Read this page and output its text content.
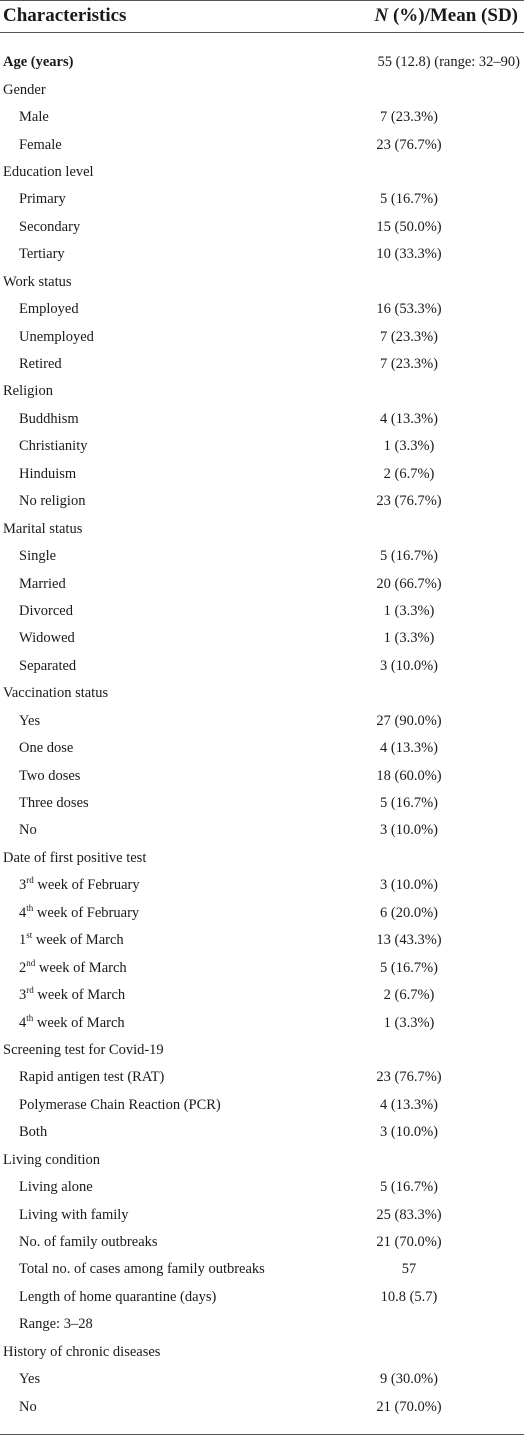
Characteristics	N (%)/Mean (SD)
Age (years)	55 (12.8) (range: 32–90)
Gender
Male	7 (23.3%)
Female	23 (76.7%)
Education level
Primary	5 (16.7%)
Secondary	15 (50.0%)
Tertiary	10 (33.3%)
Work status
Employed	16 (53.3%)
Unemployed	7 (23.3%)
Retired	7 (23.3%)
Religion
Buddhism	4 (13.3%)
Christianity	1 (3.3%)
Hinduism	2 (6.7%)
No religion	23 (76.7%)
Marital status
Single	5 (16.7%)
Married	20 (66.7%)
Divorced	1 (3.3%)
Widowed	1 (3.3%)
Separated	3 (10.0%)
Vaccination status
Yes	27 (90.0%)
One dose	4 (13.3%)
Two doses	18 (60.0%)
Three doses	5 (16.7%)
No	3 (10.0%)
Date of first positive test
3rd week of February	3 (10.0%)
4th week of February	6 (20.0%)
1st week of March	13 (43.3%)
2nd week of March	5 (16.7%)
3rd week of March	2 (6.7%)
4th week of March	1 (3.3%)
Screening test for Covid-19
Rapid antigen test (RAT)	23 (76.7%)
Polymerase Chain Reaction (PCR)	4 (13.3%)
Both	3 (10.0%)
Living condition
Living alone	5 (16.7%)
Living with family	25 (83.3%)
No. of family outbreaks	21 (70.0%)
Total no. of cases among family outbreaks	57
Length of home quarantine (days)	10.8 (5.7)
Range: 3–28
History of chronic diseases
Yes	9 (30.0%)
No	21 (70.0%)
